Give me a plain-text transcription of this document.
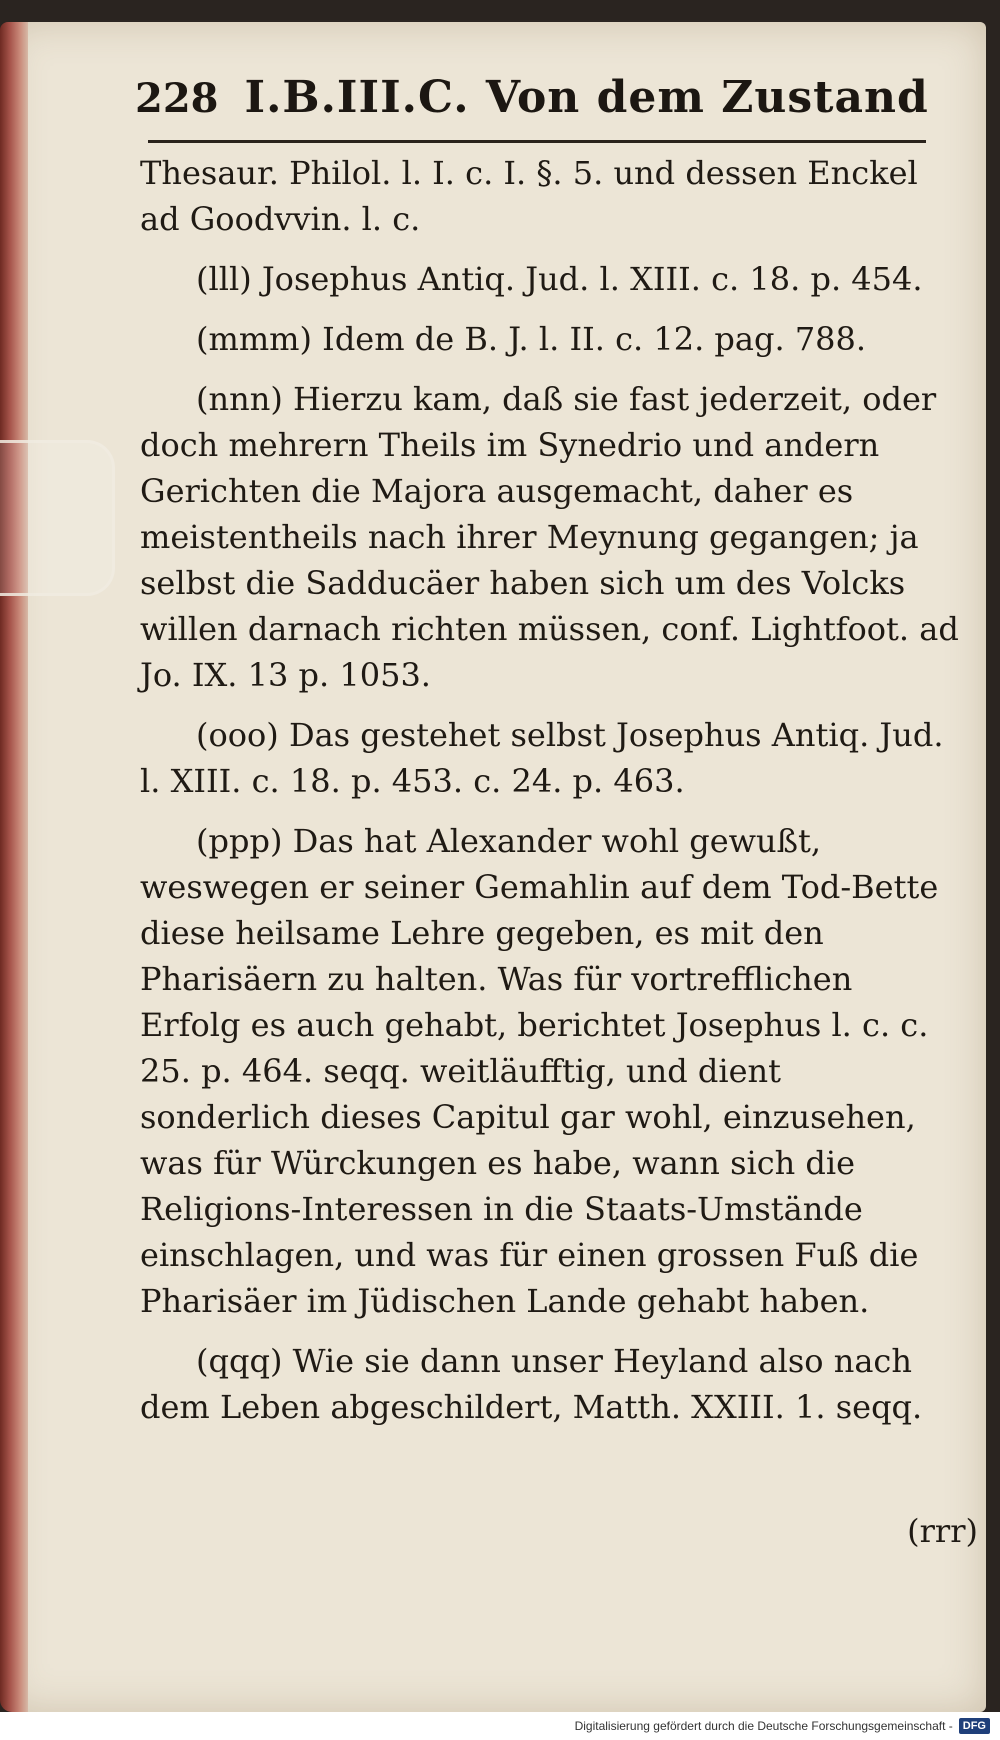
228 I.B.III.C. Von dem Zustand

Thesaur. Philol. l. I. c. I. §. 5. und dessen Enckel ad Goodvvin. l. c.

(lll) Josephus Antiq. Jud. l. XIII. c. 18. p. 454.

(mmm) Idem de B. J. l. II. c. 12. pag. 788.

(nnn) Hierzu kam, daß sie fast jederzeit, oder doch mehrern Theils im Synedrio und andern Gerichten die Majora ausgemacht, daher es meistentheils nach ihrer Meynung gegangen; ja selbst die Sadducäer haben sich um des Volcks willen darnach richten müssen, conf. Lightfoot. ad Jo. IX. 13 p. 1053.

(ooo) Das gestehet selbst Josephus Antiq. Jud. l. XIII. c. 18. p. 453. c. 24. p. 463.

(ppp) Das hat Alexander wohl gewußt, weswegen er seiner Gemahlin auf dem Tod-Bette diese heilsame Lehre gegeben, es mit den Pharisäern zu halten. Was für vortrefflichen Erfolg es auch gehabt, berichtet Josephus l. c. c. 25. p. 464. seqq. weitläufftig, und dient sonderlich dieses Capitul gar wohl, einzusehen, was für Würckungen es habe, wann sich die Religions-Interessen in die Staats-Umstände einschlagen, und was für einen grossen Fuß die Pharisäer im Jüdischen Lande gehabt haben.

(qqq) Wie sie dann unser Heyland also nach dem Leben abgeschildert, Matth. XXIII. 1. seqq.

(rrr)
Digitalisierung gefördert durch die Deutsche Forschungsgemeinschaft - DFG
